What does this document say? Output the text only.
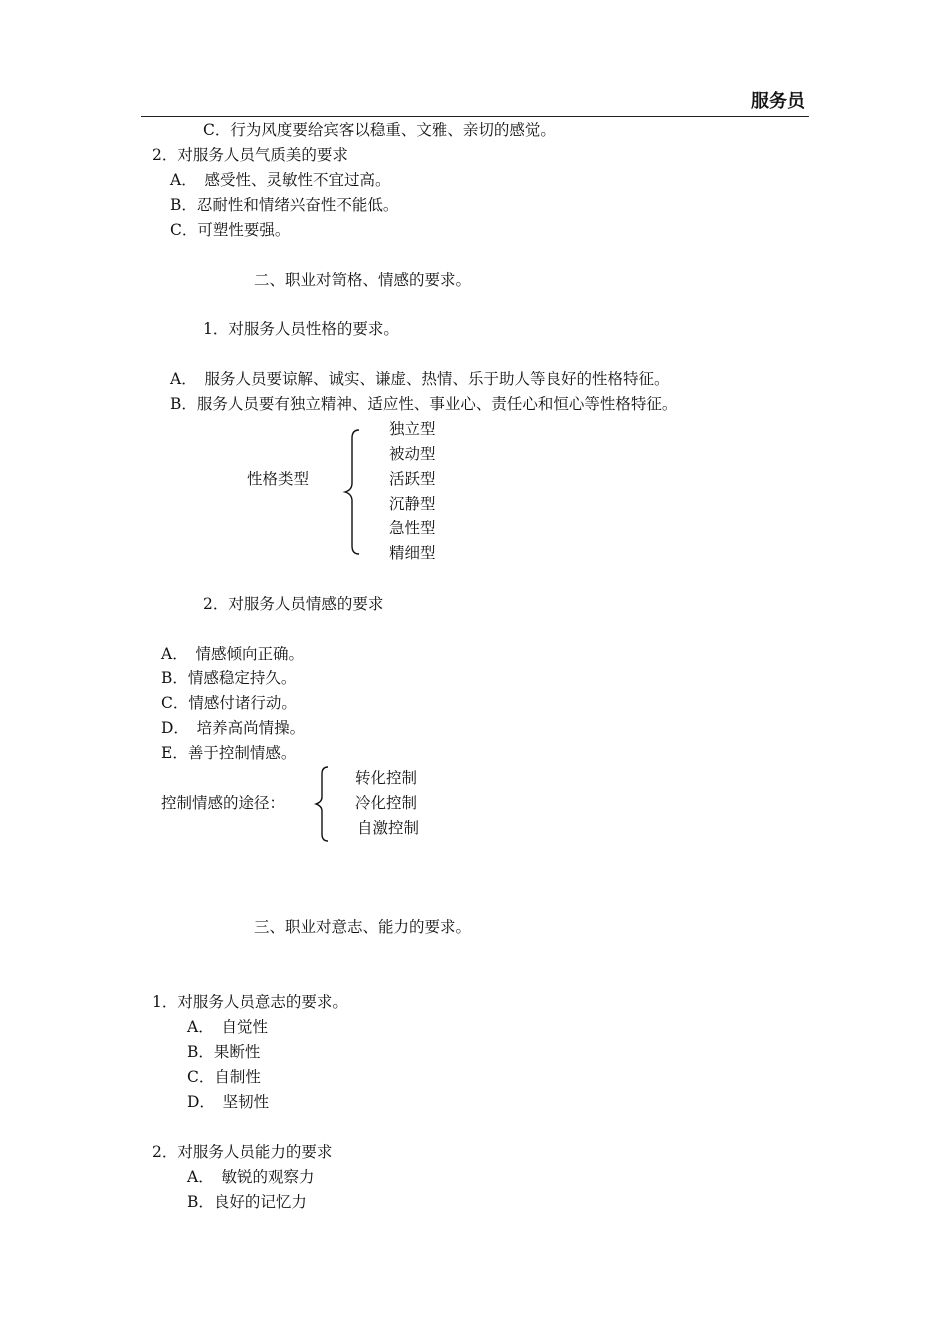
服务员
C．行为风度要给宾客以稳重、文雅、亲切的感觉。
2．对服务人员气质美的要求
A．　感受性、灵敏性不宜过高。
B．忍耐性和情绪兴奋性不能低。
C．可塑性要强。
二、职业对笥格、情感的要求。
1．对服务人员性格的要求。
A．　服务人员要谅解、诚实、谦虚、热情、乐于助人等良好的性格特征。
B．服务人员要有独立精神、适应性、事业心、责任心和恒心等性格特征。
性格类型
独立型
被动型
活跃型
沉静型
急性型
精细型
2．对服务人员情感的要求
A．　情感倾向正确。
B．情感稳定持久。
C．情感付诸行动。
D．　培养高尚情操。
E．善于控制情感。
控制情感的途径：
转化控制
冷化控制
自激控制
三、职业对意志、能力的要求。
1．对服务人员意志的要求。
A．　自觉性
B．果断性
C．自制性
D．　坚韧性
2．对服务人员能力的要求
A．　敏锐的观察力
B．良好的记忆力
